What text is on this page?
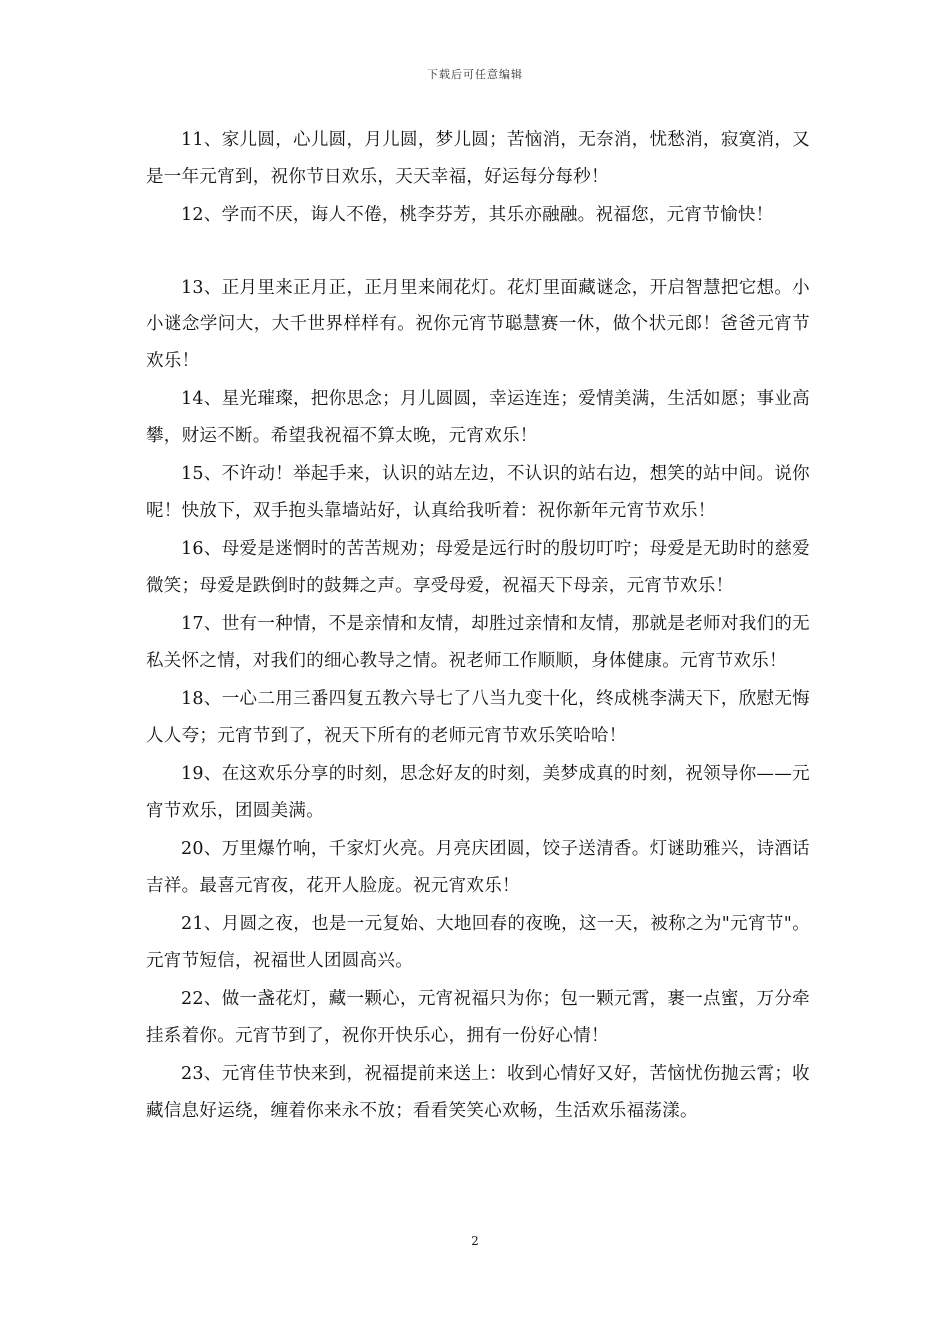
下载后可任意编辑

11、家儿圆，心儿圆，月儿圆，梦儿圆；苦恼消，无奈消，忧愁消，寂寞消，又是一年元宵到，祝你节日欢乐，天天幸福，好运每分每秒！

12、学而不厌，诲人不倦，桃李芬芳，其乐亦融融。祝福您，元宵节愉快！

13、正月里来正月正，正月里来闹花灯。花灯里面藏谜念，开启智慧把它想。小小谜念学问大，大千世界样样有。祝你元宵节聪慧赛一休，做个状元郎！爸爸元宵节欢乐！

14、星光璀璨，把你思念；月儿圆圆，幸运连连；爱情美满，生活如愿；事业高攀，财运不断。希望我祝福不算太晚，元宵欢乐！

15、不许动！举起手来，认识的站左边，不认识的站右边，想笑的站中间。说你呢！快放下，双手抱头靠墙站好，认真给我听着：祝你新年元宵节欢乐！

16、母爱是迷惘时的苦苦规劝；母爱是远行时的殷切叮咛；母爱是无助时的慈爱微笑；母爱是跌倒时的鼓舞之声。享受母爱，祝福天下母亲，元宵节欢乐！

17、世有一种情，不是亲情和友情，却胜过亲情和友情，那就是老师对我们的无私关怀之情，对我们的细心教导之情。祝老师工作顺顺，身体健康。元宵节欢乐！

18、一心二用三番四复五教六导七了八当九变十化，终成桃李满天下，欣慰无悔人人夸；元宵节到了，祝天下所有的老师元宵节欢乐笑哈哈！

19、在这欢乐分享的时刻，思念好友的时刻，美梦成真的时刻，祝领导你——元宵节欢乐，团圆美满。

20、万里爆竹响，千家灯火亮。月亮庆团圆，饺子送清香。灯谜助雅兴，诗酒话吉祥。最喜元宵夜，花开人脸庞。祝元宵欢乐！

21、月圆之夜，也是一元复始、大地回春的夜晚，这一天，被称之为"元宵节"。元宵节短信，祝福世人团圆高兴。

22、做一盏花灯，藏一颗心，元宵祝福只为你；包一颗元霄，裹一点蜜，万分牵挂系着你。元宵节到了，祝你开快乐心，拥有一份好心情！

23、元宵佳节快来到，祝福提前来送上：收到心情好又好，苦恼忧伤抛云霄；收藏信息好运绕，缠着你来永不放；看看笑笑心欢畅，生活欢乐福荡漾。

2
